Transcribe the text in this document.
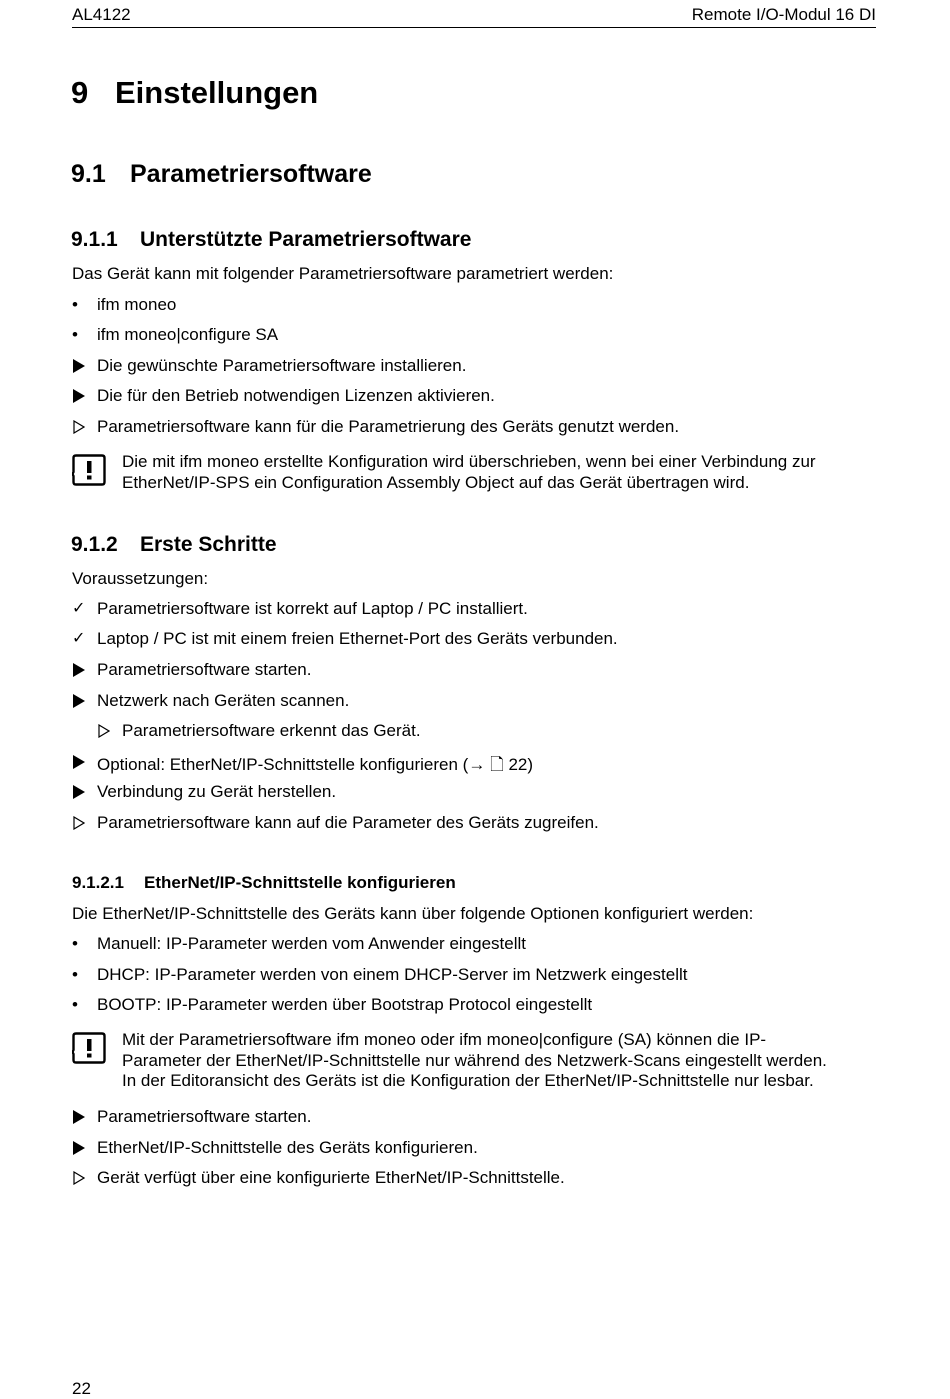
AL4122	Remote I/O-Modul 16 DI
9 Einstellungen
9.1 Parametriersoftware
9.1.1 Unterstützte Parametriersoftware
Das Gerät kann mit folgender Parametriersoftware parametriert werden:
•	ifm moneo
•	ifm moneo|configure SA
Die gewünschte Parametriersoftware installieren.
Die für den Betrieb notwendigen Lizenzen aktivieren.
Parametriersoftware kann für die Parametrierung des Geräts genutzt werden.
Die mit ifm moneo erstellte Konfiguration wird überschrieben, wenn bei einer Verbindung zur
EtherNet/IP-SPS ein Configuration Assembly Object auf das Gerät übertragen wird.
9.1.2 Erste Schritte
Voraussetzungen:
✓ Parametriersoftware ist korrekt auf Laptop / PC installiert.
✓ Laptop / PC ist mit einem freien Ethernet-Port des Geräts verbunden.
Parametriersoftware starten.
Netzwerk nach Geräten scannen.
Parametriersoftware erkennt das Gerät.
Optional: EtherNet/IP-Schnittstelle konfigurieren (→ 🗋 22)
Verbindung zu Gerät herstellen.
Parametriersoftware kann auf die Parameter des Geräts zugreifen.
9.1.2.1 EtherNet/IP-Schnittstelle konfigurieren
Die EtherNet/IP-Schnittstelle des Geräts kann über folgende Optionen konfiguriert werden:
•	Manuell: IP-Parameter werden vom Anwender eingestellt
•	DHCP: IP-Parameter werden von einem DHCP-Server im Netzwerk eingestellt
•	BOOTP: IP-Parameter werden über Bootstrap Protocol eingestellt
Mit der Parametriersoftware ifm moneo oder ifm moneo|configure (SA) können die IP-
Parameter der EtherNet/IP-Schnittstelle nur während des Netzwerk-Scans eingestellt werden.
In der Editoransicht des Geräts ist die Konfiguration der EtherNet/IP-Schnittstelle nur lesbar.
Parametriersoftware starten.
EtherNet/IP-Schnittstelle des Geräts konfigurieren.
Gerät verfügt über eine konfigurierte EtherNet/IP-Schnittstelle.
22
